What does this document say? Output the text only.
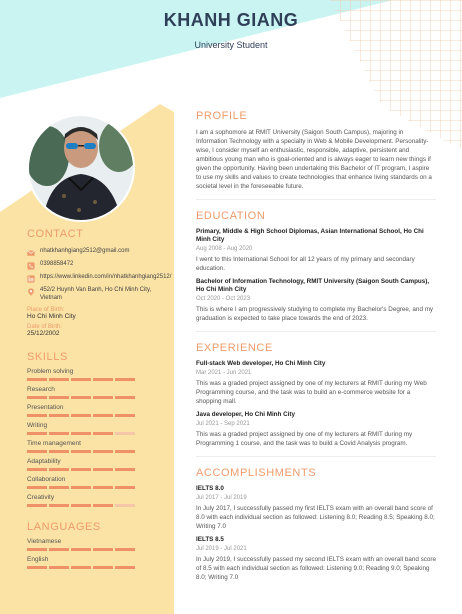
KHANH GIANG
University Student
CONTACT
nhatkhanhgiang2512@gmail.com
0398858472
https://www.linkedin.com/in/nhatkhanhgiang2512/
452/2 Huynh Van Banh, Ho Chi Minh City, Vietnam
Place of Birth:
Ho Chi Minh City
Date of Birth:
25/12/2002
SKILLS
Problem solving
Research
Presentation
Writing
Time management
Adaptability
Collaboration
Creativity
LANGUAGES
Vietnamese
English
PROFILE

I am a sophomore at RMIT University (Saigon South Campus), majoring in Information Technology with a specialty in Web & Mobile Development. Personality-wise, I consider myself an enthusiastic, responsible, adaptive, persistent and ambitious young man who is goal-oriented and is always eager to learn new things if given the opportunity. Having been undertaking this Bachelor of IT program, I aspire to use my skills and values to create technologies that enhance living standards on a societal level in the foreseeable future.

EDUCATION
Primary, Middle & High School Diplomas, Asian International School, Ho Chi Minh City
Aug 2008 - Aug 2020

I went to this International School for all 12 years of my primary and secondary education.

Bachelor of Information Technology, RMIT University (Saigon South Campus), Ho Chi Minh City
Oct 2020 - Oct 2023

This is where I am progressively studying to complete my Bachelor's Degree, and my graduation is expected to take place towards the end of 2023.

EXPERIENCE
Full-stack Web developer, Ho Chi Minh City
Mar 2021 - Jun 2021

This was a graded project assigned by one of my lecturers at RMIT during my Web Programming course, and the task was to build an e-commerce website for a shopping mall.

Java developer, Ho Chi Minh City
Jul 2021 - Sep 2021

This was a graded project assigned by one of my lecturers at RMIT during my Programming 1 course, and the task was to build a Covid Analysis program.

ACCOMPLISHMENTS
IELTS 8.0
Jul 2017 - Jul 2019

In July 2017, I successfully passed my first IELTS exam with an overall band score of 8.0 with each individual section as followed: Listening 8.0; Reading 8.5; Speaking 8.0; Writing 7.0

IELTS 8.5
Jul 2019 - Jul 2021

In July 2019, I successfully passed my second IELTS exam with an overall band score of 8.5 with each individual section as followed: Listening 9.0; Reading 9.0; Speaking 8.0; Writing 7.0
